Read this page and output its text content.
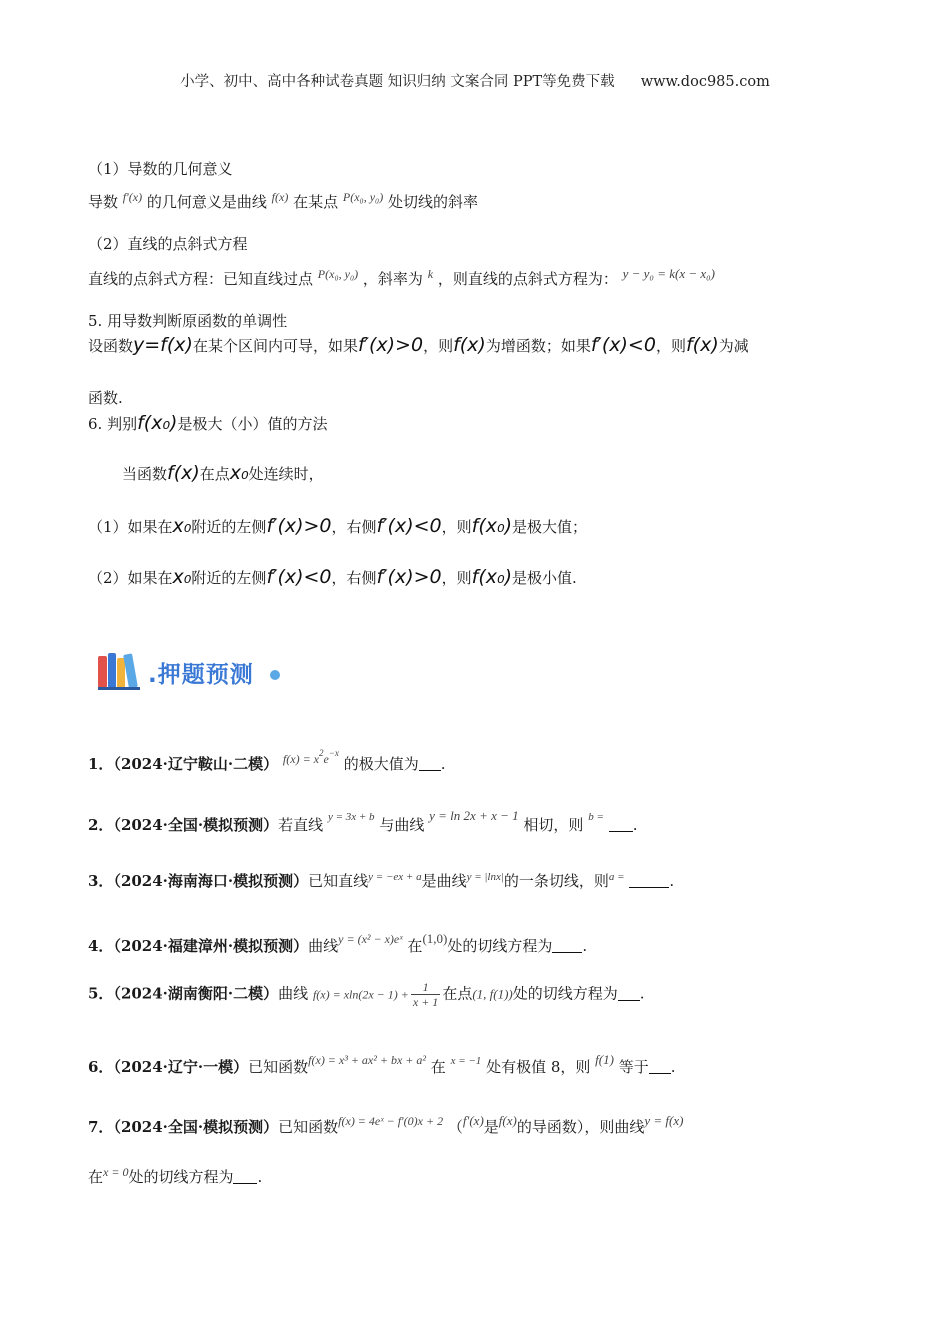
小学、初中、高中各种试卷真题 知识归纳 文案合同 PPT等免费下载 www.doc985.com
（1）导数的几何意义
导数 $^{f'(x)}$ 的几何意义是曲线 $^{f(x)}$ 在某点 $^{P(x_0, y_0)}$ 处切线的斜率
（2）直线的点斜式方程
直线的点斜式方程：已知直线过点 $^{P(x_0, y_0)}$ ，斜率为 $^k$ ，则直线的点斜式方程为： y − y₀ = k(x − x₀)
5. 用导数判断原函数的单调性
设函数y=f(x)在某个区间内可导，如果f′(x)>0，则f(x)为增函数；如果f′(x)<0，则f(x)为减
函数.
6. 判别f(x₀)是极大（小）值的方法
当函数f(x)在点x₀处连续时，
（1）如果在x₀附近的左侧f′(x)>0，右侧f′(x)<0，则f(x₀)是极大值；
（2）如果在x₀附近的左侧f′(x)<0，右侧f′(x)>0，则f(x₀)是极小值.
.押题预测
1．（2024·辽宁鞍山·二模） $^{f(x) = x2e-x}$ 的极大值为 .
2．（2024·全国·模拟预测）若直线 $^{y = 3x + b}$ 与曲线 y = ln 2x + x − 1 相切，则 $^{b =}$ .
3．（2024·海南海口·模拟预测）已知直线$^{y = -ex + a}$是曲线$^{y = |lnx|}$的一条切线，则$^{a =}$	.
4．（2024·福建漳州·模拟预测）曲线$^{y = (x^2 - x)eˣ}$ 在(1,0)处的切线方程为 .
5．（2024·湖南衡阳·二模）曲线 $f(x) = xln(2x - 1) + \frac{1}{x + 1}$ 在点(1, f(1))处的切线方程为 .
6．（2024·辽宁·一模）已知函数$^{f(x) = x^3 + ax^2 + bx + a^2}$ 在 $^{x = -1}$ 处有极值 8，则 f(1) 等于 .
7．（2024·全国·模拟预测）已知函数$^{f(x) = 4eˣ - f'(0)x + 2}$ （f′(x)是f(x)的导函数），则曲线y = f(x)
在$^{x = 0}$处的切线方程为 .
